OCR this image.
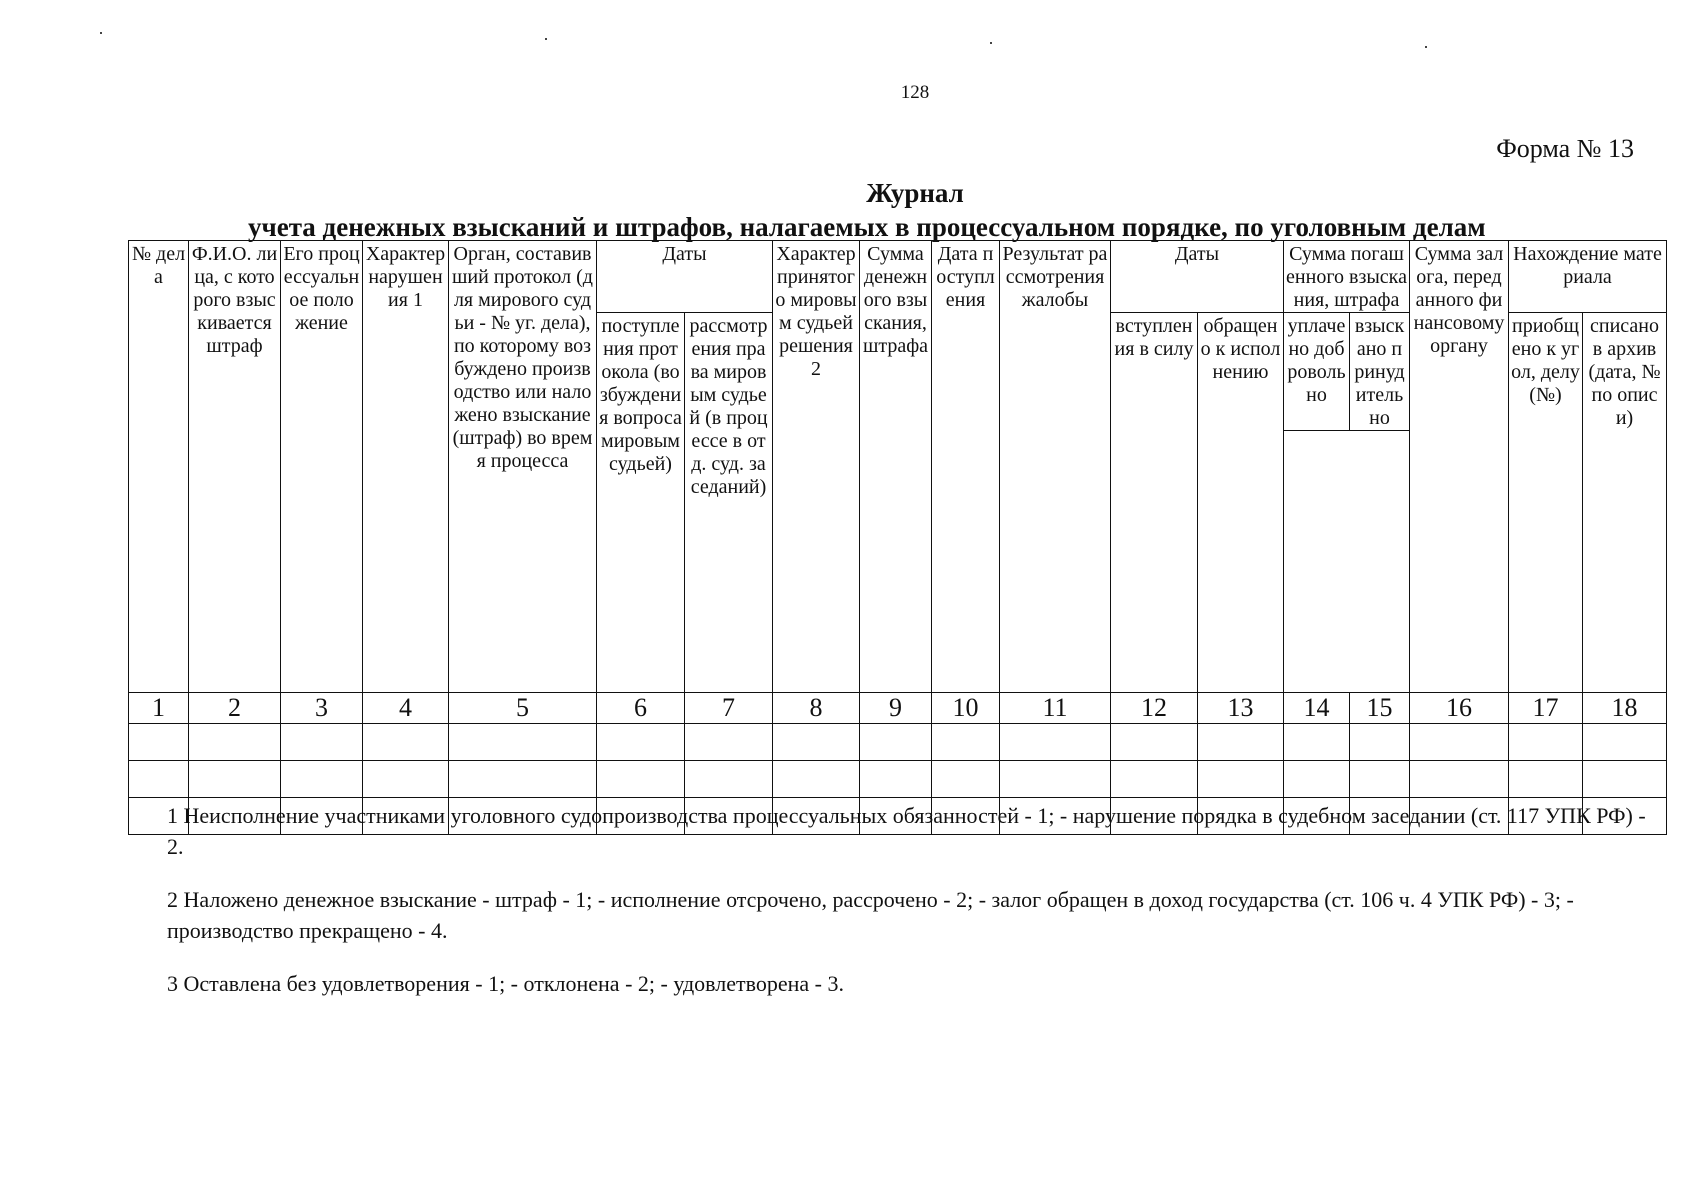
128
Форма № 13
Журнал
учета денежных взысканий и штрафов, налагаемых в процессуальном порядке, по уголовным делам
№ дела	Ф.И.О. лица, с которого взыскивается штраф	Его процессуальное положение	Характер нарушения 1	Орган, составивший протокол (для мирового судьи - № уг. дела), по которому возбуждено производство или наложено взыскание (штраф) во время процесса	Даты		Характер принятого мировым судьей решения 2	Сумма денежного взыскания, штрафа	Дата поступления	Результат рассмотрения жалобы	Даты		Сумма погашенного взыскания, штрафа		Сумма залога, переданного финансовому органу	Нахождение материала	
					поступления протокола (возбуждения вопроса мировым судьей)	рассмотрения права мировым судьей (в процессе в отд. суд. заседаний)					вступления в силу	обращено к исполнению	уплачено добровольно	взыскано принудительно		приобщено к угол, делу (№)	списано в архив (дата, № по описи)

1	2	3	4	5	6	7	8	9	10	11	12	13	14	15	16	17	18

1 Неисполнение участниками уголовного судопроизводства процессуальных обязанностей - 1; - нарушение порядка в судебном заседании (ст. 117 УПК РФ) - 2.

2 Наложено денежное взыскание - штраф - 1; - исполнение отсрочено, рассрочено - 2; - залог обращен в доход государства (ст. 106 ч. 4 УПК РФ) - 3; - производство прекращено - 4.

3 Оставлена без удовлетворения - 1; - отклонена - 2; - удовлетворена - 3.
